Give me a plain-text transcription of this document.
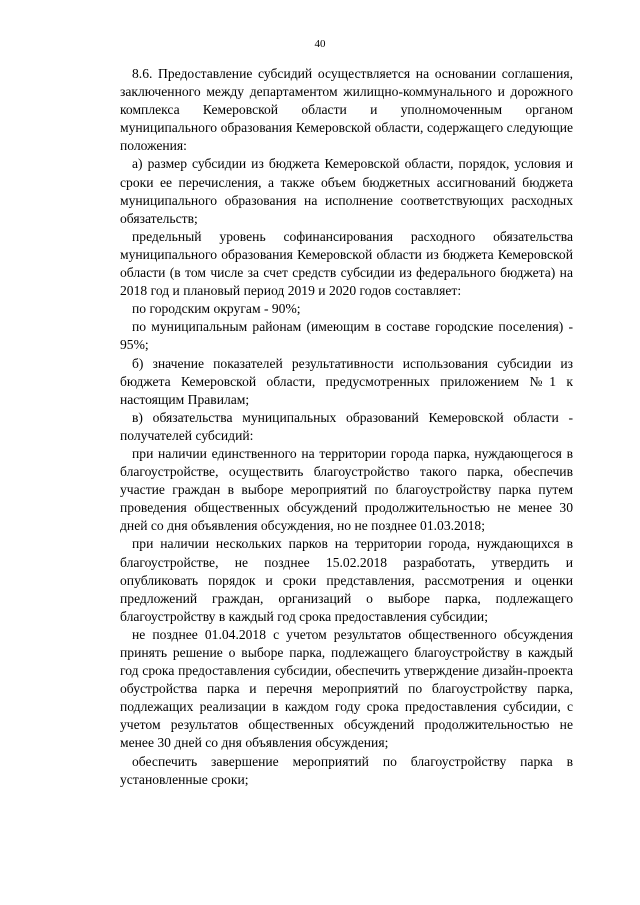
40

8.6. Предоставление субсидий осуществляется на основании соглашения, заключенного между департаментом жилищно-коммунального и дорожного комплекса Кемеровской области и уполномоченным органом муниципального образования Кемеровской области, содержащего следующие положения:

а) размер субсидии из бюджета Кемеровской области, порядок, условия и сроки ее перечисления, а также объем бюджетных ассигнований бюджета муниципального образования на исполнение соответствующих расходных обязательств;

предельный уровень софинансирования расходного обязательства муниципального образования Кемеровской области из бюджета Кемеровской области (в том числе за счет средств субсидии из федерального бюджета) на 2018 год и плановый период 2019 и 2020 годов составляет:

по городским округам - 90%;

по муниципальным районам (имеющим в составе городские поселения) - 95%;

б) значение показателей результативности использования субсидии из бюджета Кемеровской области, предусмотренных приложением №1 к настоящим Правилам;

в) обязательства муниципальных образований Кемеровской области - получателей субсидий:

при наличии единственного на территории города парка, нуждающегося в благоустройстве, осуществить благоустройство такого парка, обеспечив участие граждан в выборе мероприятий по благоустройству парка путем проведения общественных обсуждений продолжительностью не менее 30 дней со дня объявления обсуждения, но не позднее 01.03.2018;

при наличии нескольких парков на территории города, нуждающихся в благоустройстве, не позднее 15.02.2018 разработать, утвердить и опубликовать порядок и сроки представления, рассмотрения и оценки предложений граждан, организаций о выборе парка, подлежащего благоустройству в каждый год срока предоставления субсидии;

не позднее 01.04.2018 с учетом результатов общественного обсуждения принять решение о выборе парка, подлежащего благоустройству в каждый год срока предоставления субсидии, обеспечить утверждение дизайн-проекта обустройства парка и перечня мероприятий по благоустройству парка, подлежащих реализации в каждом году срока предоставления субсидии, с учетом результатов общественных обсуждений продолжительностью не менее 30 дней со дня объявления обсуждения;

обеспечить завершение мероприятий по благоустройству парка в установленные сроки;
